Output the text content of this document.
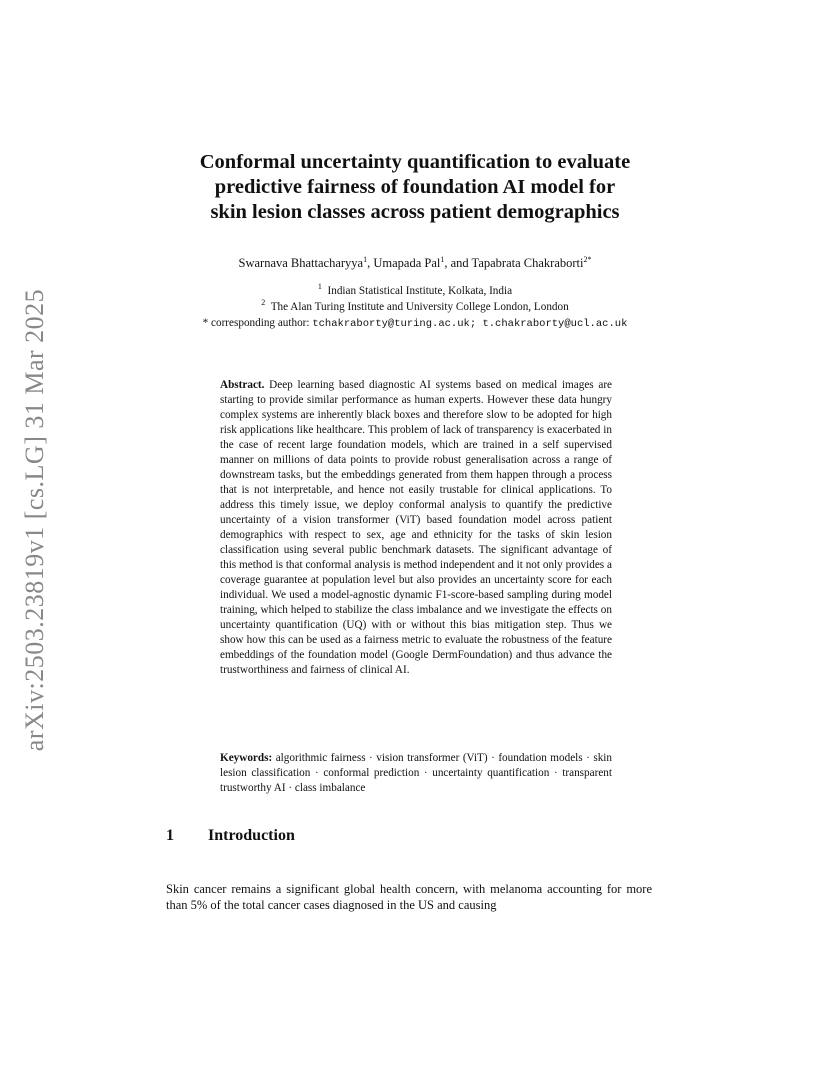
arXiv:2503.23819v1 [cs.LG] 31 Mar 2025
Conformal uncertainty quantification to evaluate
predictive fairness of foundation AI model for
skin lesion classes across patient demographics
Swarnava Bhattacharyya$^1$, Umapada Pal$^1$, and Tapabrata Chakraborti$^{2*}$
$^1$ Indian Statistical Institute, Kolkata, India
$^2$ The Alan Turing Institute and University College London, London
* corresponding author: tchakraborty@turing.ac.uk; t.chakraborty@ucl.ac.uk
Abstract. Deep learning based diagnostic AI systems based on medical images are starting to provide similar performance as human experts. However these data hungry complex systems are inherently black boxes and therefore slow to be adopted for high risk applications like healthcare. This problem of lack of transparency is exacerbated in the case of recent large foundation models, which are trained in a self supervised manner on millions of data points to provide robust generalisation across a range of downstream tasks, but the embeddings generated from them happen through a process that is not interpretable, and hence not easily trustable for clinical applications. To address this timely issue, we deploy conformal analysis to quantify the predictive uncertainty of a vision transformer (ViT) based foundation model across patient demographics with respect to sex, age and ethnicity for the tasks of skin lesion classification using several public benchmark datasets. The significant advantage of this method is that conformal analysis is method independent and it not only provides a coverage guarantee at population level but also provides an uncertainty score for each individual. We used a model-agnostic dynamic F1-score-based sampling during model training, which helped to stabilize the class imbalance and we investigate the effects on uncertainty quantification (UQ) with or without this bias mitigation step. Thus we show how this can be used as a fairness metric to evaluate the robustness of the feature embeddings of the foundation model (Google DermFoundation) and thus advance the trustworthiness and fairness of clinical AI.
Keywords: algorithmic fairness · vision transformer (ViT) · foundation models · skin lesion classification · conformal prediction · uncertainty quantification · transparent trustworthy AI · class imbalance
1 Introduction
Skin cancer remains a significant global health concern, with melanoma accounting for more than 5% of the total cancer cases diagnosed in the US and causing
